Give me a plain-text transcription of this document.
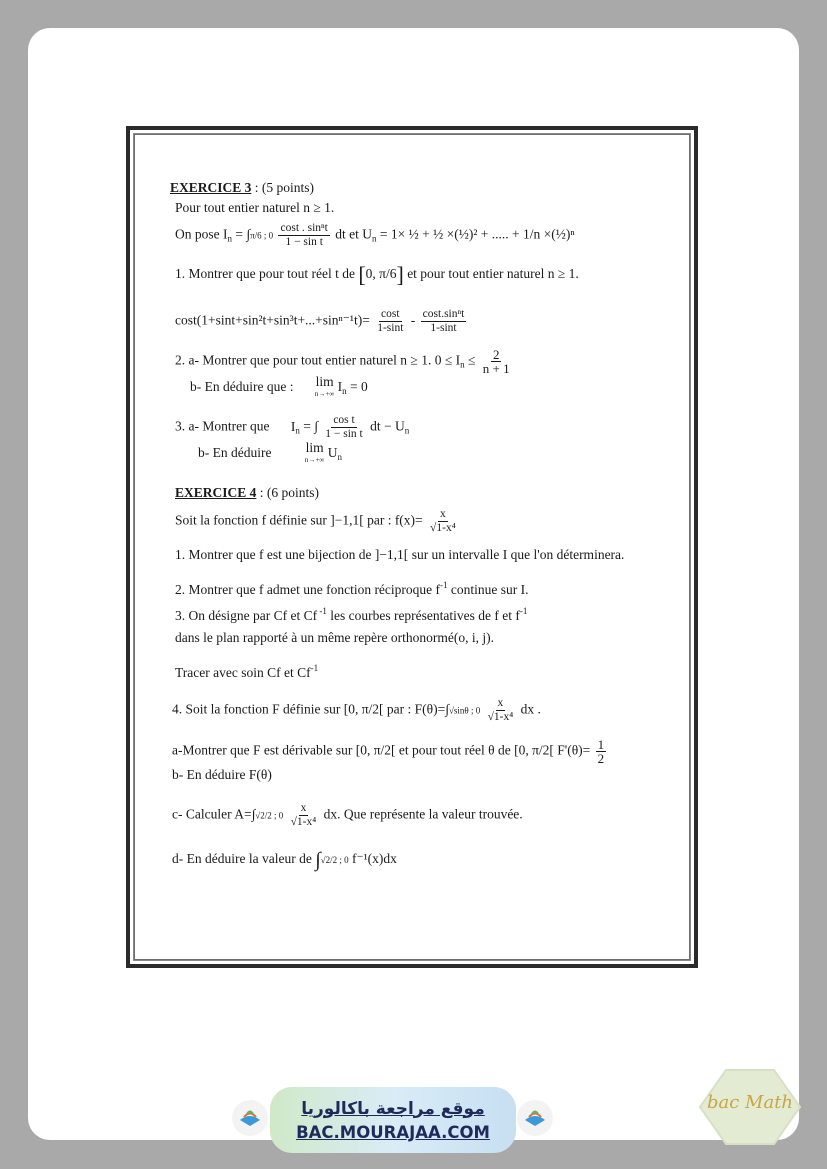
EXERCICE 3 : (5 points)
Pour tout entier naturel n ≥ 1.
On pose $I_n = \int\pi/6$ ; $0 \frac{\text{cost . sinⁿt}}{\text{1 − sin t}}$ dt et $U_n = 1\times$ ½ + ½ ×(½)² + ..... + 1/n ×(½)ⁿ
1. Montrer que pour tout réel t de [0, π/6] et pour tout entier naturel n ≥ 1.
$\cos t(1+\sin t+\sin^2t+\sin^3t+...+\sin^{n-1}t)= \frac{\cos t}{1-\sin t} - \frac{\text{cost.sinⁿt}}{1-\sin t}$
2. a- Montrer que pour tout entier naturel n ≥ 1. $0 \le I_n \le \frac{2}{n + 1}$
b- En déduire que : lim
n→+∞ $I_n = 0$
3. a- Montrer que $I_n$ = ∫ $\frac{\text{cos t}}{\text{1 − sin t}}$ dt − $U_n$
b- En déduire	lim
n→+∞ $U_n$
EXERCICE 4 : (6 points)
Soit la fonction f définie sur ]−1,1[ par : $f(x)= \frac{x}{\text{√1-x⁴}}$
1. Montrer que f est une bijection de ]−1,1[ sur un intervalle I que l'on déterminera.
2. Montrer que f admet une fonction réciproque $f^{-1}$ continue sur I.
3. On désigne par Cf et Cf $^{-1}$ les courbes représentatives de f et $f^{-1}$
dans le plan rapporté à un même repère orthonormé(o, i, j).
Tracer avec soin Cf et $Cf^{-1}$
4. Soit la fonction F définie sur [0, π/2[ par : F(θ)=∫√sinθ ; $0 \frac{x}{\text{√1-x⁴}}$ dx .
a-Montrer que F est dérivable sur [0, π/2[ et pour tout réel θ de [0, π/2[ $F'(\theta)= \frac{1}{2}$
b- En déduire F(θ)
c- Calculer A=∫√2/2 ; $0 \frac{x}{\text{√1-x⁴}}$ dx. Que représente la valeur trouvée.
d- En déduire la valeur de ∫√2/2 ; 0 f⁻¹(x)dx
موقع مراجعة باكالوريا
BAC.MOURAJAA.COM
bac Math
